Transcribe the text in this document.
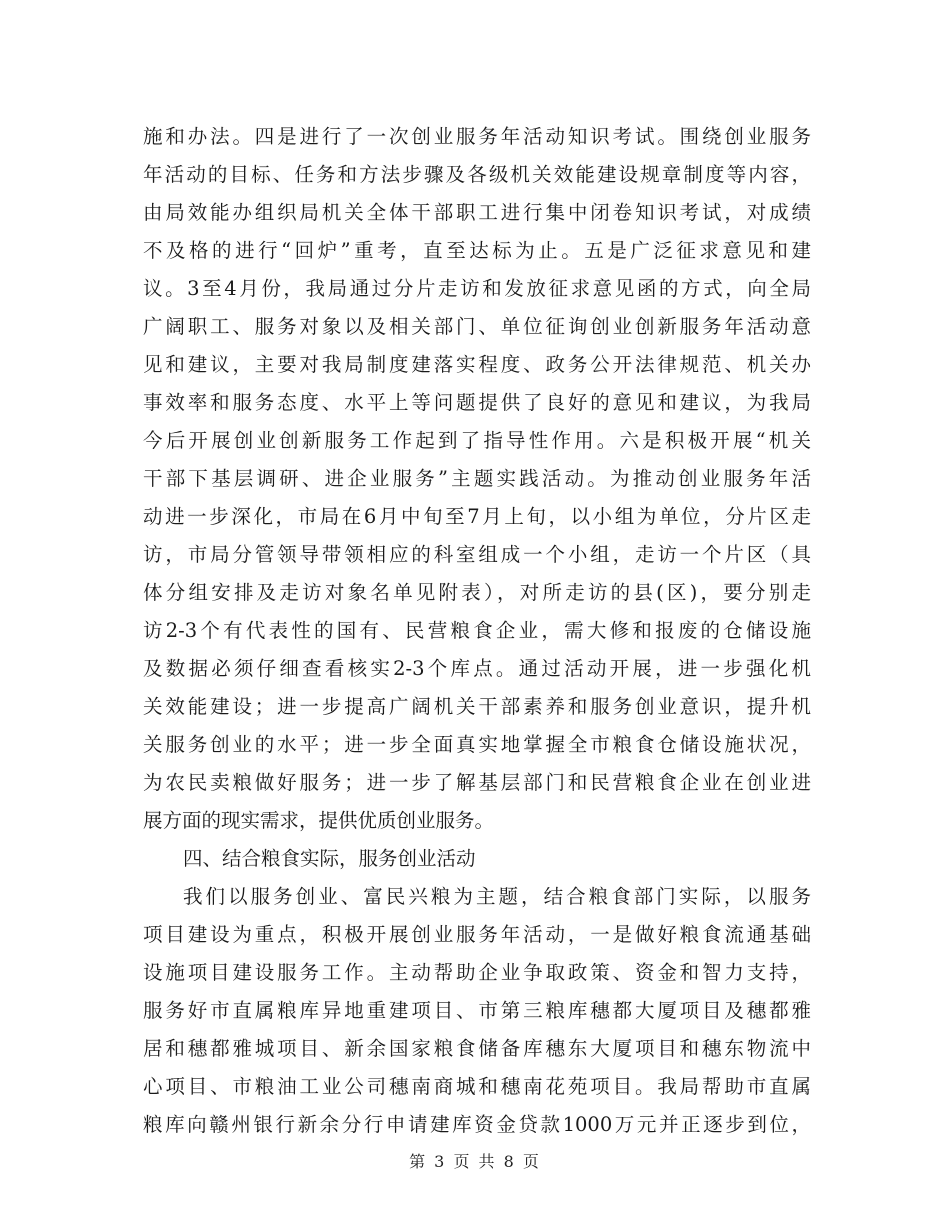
施和办法。四是进行了一次创业服务年活动知识考试。围绕创业服务
年活动的目标、任务和方法步骤及各级机关效能建设规章制度等内容，
由局效能办组织局机关全体干部职工进行集中闭卷知识考试，对成绩
不及格的进行“回炉”重考，直至达标为止。五是广泛征求意见和建
议。3至4月份，我局通过分片走访和发放征求意见函的方式，向全局
广阔职工、服务对象以及相关部门、单位征询创业创新服务年活动意
见和建议，主要对我局制度建落实程度、政务公开法律规范、机关办
事效率和服务态度、水平上等问题提供了良好的意见和建议，为我局
今后开展创业创新服务工作起到了指导性作用。六是积极开展“机关
干部下基层调研、进企业服务”主题实践活动。为推动创业服务年活
动进一步深化，市局在6月中旬至7月上旬，以小组为单位，分片区走
访，市局分管领导带领相应的科室组成一个小组，走访一个片区（具
体分组安排及走访对象名单见附表），对所走访的县(区)，要分别走
访2-3个有代表性的国有、民营粮食企业，需大修和报废的仓储设施
及数据必须仔细查看核实2-3个库点。通过活动开展，进一步强化机
关效能建设；进一步提高广阔机关干部素养和服务创业意识，提升机
关服务创业的水平；进一步全面真实地掌握全市粮食仓储设施状况，
为农民卖粮做好服务；进一步了解基层部门和民营粮食企业在创业进
展方面的现实需求，提供优质创业服务。
四、结合粮食实际，服务创业活动
我们以服务创业、富民兴粮为主题，结合粮食部门实际，以服务
项目建设为重点，积极开展创业服务年活动，一是做好粮食流通基础
设施项目建设服务工作。主动帮助企业争取政策、资金和智力支持，
服务好市直属粮库异地重建项目、市第三粮库穗都大厦项目及穗都雅
居和穗都雅城项目、新余国家粮食储备库穗东大厦项目和穗东物流中
心项目、市粮油工业公司穗南商城和穗南花苑项目。我局帮助市直属
粮库向赣州银行新余分行申请建库资金贷款1000万元并正逐步到位，
第 3 页 共 8 页
